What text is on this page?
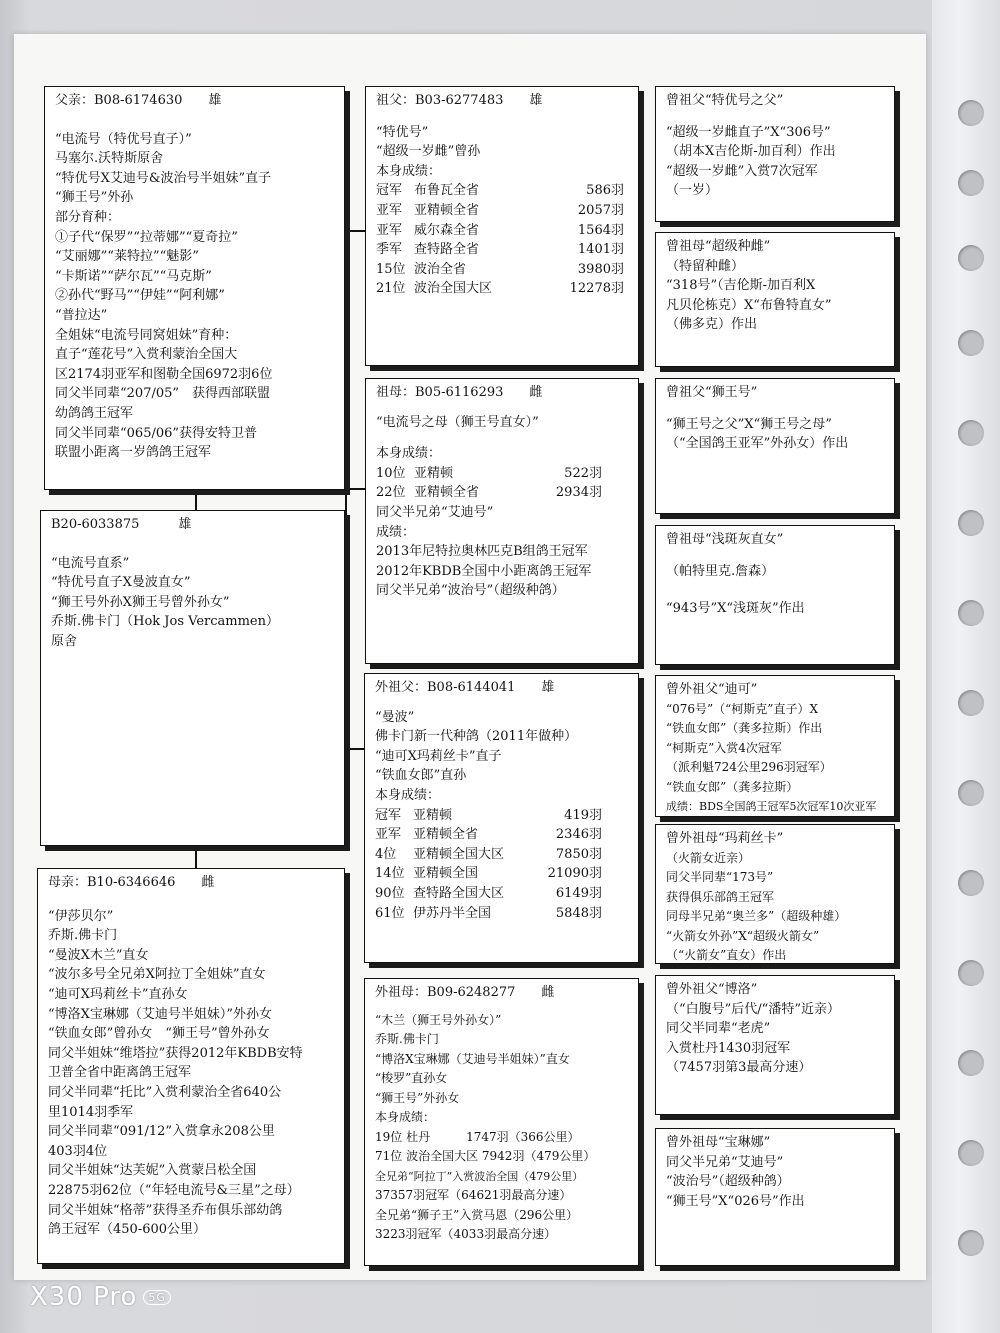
父亲：B08-6174630　　雄
“电流号（特优号直子）”
马塞尔.沃特斯原舍
“特优号X艾迪号&波治号半姐妹”直子
“狮王号”外孙
部分育种：
①子代“保罗”“拉蒂娜”“夏奇拉”
“艾丽娜”“莱特拉”“魅影”
“卡斯诺”“萨尔瓦”“马克斯”
②孙代“野马”“伊娃”“阿利娜”
“普拉达”
全姐妹“电流号同窝姐妹”育种：
直子“莲花号”入赏利蒙治全国大
区2174羽亚军和图勒全国6972羽6位
同父半同辈“207/05”　获得西部联盟
幼鸽鸽王冠军
同父半同辈“065/06”获得安特卫普
联盟小距离一岁鸽鸽王冠军
B20-6033875　　　雄
“电流号直系”
“特优号直子X曼波直女”
“狮王号外孙X狮王号曾外孙女”
乔斯.佛卡门（Hok Jos Vercammen）
原舍
母亲：B10-6346646　　雌
“伊莎贝尔”
乔斯.佛卡门
“曼波X木兰”直女
“波尔多号全兄弟X阿拉丁全姐妹”直女
“迪可X玛莉丝卡”直孙女
“博洛X宝琳娜（艾迪号半姐妹）”外孙女
“铁血女郎”曾孙女　“狮王号”曾外孙女
同父半姐妹“维塔拉”获得2012年KBDB安特
卫普全省中距离鸽王冠军
同父半同辈“托比”入赏利蒙治全省640公
里1014羽季军
同父半同辈“091/12”入赏拿永208公里
403羽4位
同父半姐妹“达芙妮”入赏蒙吕松全国
22875羽62位（“年轻电流号&三星”之母）
同父半姐妹“格蒂”获得圣乔布俱乐部幼鸽
鸽王冠军（450-600公里）
祖父：B03-6277483　　雄
“特优号”
“超级一岁雌”曾孙
本身成绩：
冠军 布鲁瓦全省	586羽
亚军 亚精顿全省	2057羽
亚军 威尔森全省	1564羽
季军 查特路全省	1401羽
15位 波治全省	3980羽
21位 波治全国大区	12278羽
祖母：B05-6116293　　雌
“电流号之母（狮王号直女）”
本身成绩：
10位 亚精顿	522羽
22位 亚精顿全省	2934羽
同父半兄弟“艾迪号”
成绩：
2013年尼特拉奥林匹克B组鸽王冠军
2012年KBDB全国中小距离鸽王冠军
同父半兄弟“波治号”（超级种鸽）
外祖父：B08-6144041　　雄
“曼波”
佛卡门新一代种鸽（2011年做种）
“迪可X玛莉丝卡”直子
“铁血女郎”直孙
本身成绩：
冠军 亚精顿	419羽
亚军 亚精顿全省	2346羽
4位	亚精顿全国大区	7850羽
14位 亚精顿全国	21090羽
90位 查特路全国大区	6149羽
61位 伊苏丹半全国	5848羽
外祖母：B09-6248277　　雌
“木兰（狮王号外孙女）”
乔斯.佛卡门
“博洛X宝琳娜（艾迪号半姐妹）”直女
“梭罗”直孙女
“狮王号”外孙女
本身成绩：
19位 杜丹　　　1747羽（366公里）
71位 波治全国大区 7942羽（479公里）
全兄弟“阿拉丁”入赏波治全国（479公里）
37357羽冠军（64621羽最高分速）
全兄弟“狮子王”入赏马恩（296公里）
3223羽冠军（4033羽最高分速）
曾祖父“特优号之父”
“超级一岁雌直子”X“306号”
（胡本X吉伦斯-加百利）作出
“超级一岁雌”入赏7次冠军
（一岁）
曾祖母“超级种雌”
（特留种雌）
“318号”（吉伦斯-加百利X
凡贝伦栋克）X“布鲁特直女”
（佛多克）作出
曾祖父“狮王号”
“狮王号之父”X“狮王号之母”
（“全国鸽王亚军”外孙女）作出
曾祖母“浅斑灰直女”
（帕特里克.詹森）
“943号”X“浅斑灰”作出
曾外祖父“迪可”
“076号”（“柯斯克”直子）X
“铁血女郎”（龚多拉斯）作出
“柯斯克”入赏4次冠军
（派利魁724公里296羽冠军）
“铁血女郎”（龚多拉斯）
成绩：BDS全国鸽王冠军5次冠军10次亚军
曾外祖母“玛莉丝卡”
（火箭女近亲）
同父半同辈“173号”
获得俱乐部鸽王冠军
同母半兄弟“奥兰多”（超级种雄）
“火箭女外孙”X“超级火箭女”
（“火箭女”直女）作出
曾外祖父“博洛”
（“白腹号”后代/“潘特”近亲）
同父半同辈“老虎”
入赏杜丹1430羽冠军
（7457羽第3最高分速）
曾外祖母“宝琳娜”
同父半兄弟“艾迪号”
“波治号”（超级种鸽）
“狮王号”X“026号”作出
X30 Pro 5G
